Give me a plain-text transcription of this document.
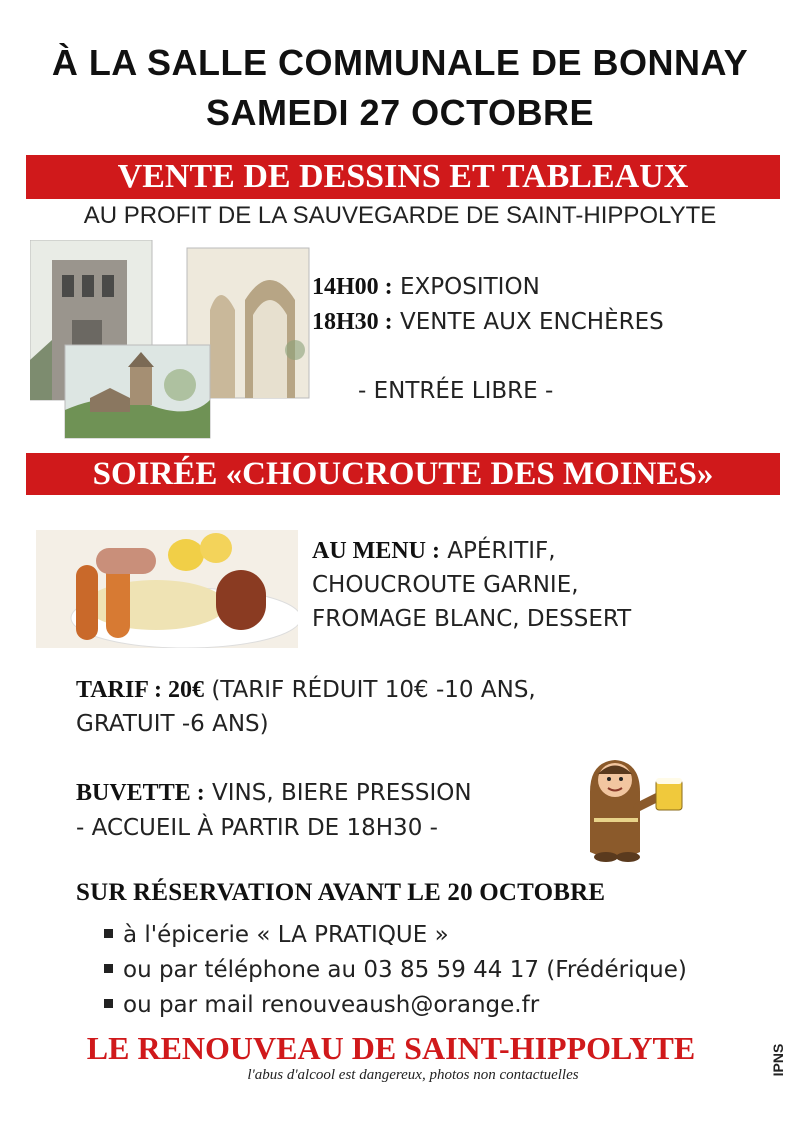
À LA SALLE COMMUNALE DE BONNAY
SAMEDI 27 OCTOBRE
VENTE DE DESSINS ET TABLEAUX
AU PROFIT DE LA SAUVEGARDE DE SAINT-HIPPOLYTE
14H00 : EXPOSITION
18H30 : VENTE AUX ENCHÈRES
- ENTRÉE LIBRE -
SOIRÉE «CHOUCROUTE DES MOINES»
AU MENU : APÉRITIF,
CHOUCROUTE GARNIE,
FROMAGE BLANC, DESSERT
TARIF : 20€ (TARIF RÉDUIT 10€ -10 ANS,
GRATUIT -6 ANS)
BUVETTE : VINS, BIERE PRESSION
- ACCUEIL À PARTIR DE 18H30 -
SUR RÉSERVATION AVANT LE 20 OCTOBRE
à l'épicerie « LA PRATIQUE »
ou par téléphone au 03 85 59 44 17 (Frédérique)
ou par mail renouveaush@orange.fr
LE RENOUVEAU DE SAINT-HIPPOLYTE
l'abus d'alcool est dangereux, photos non contactuelles	IPNS
